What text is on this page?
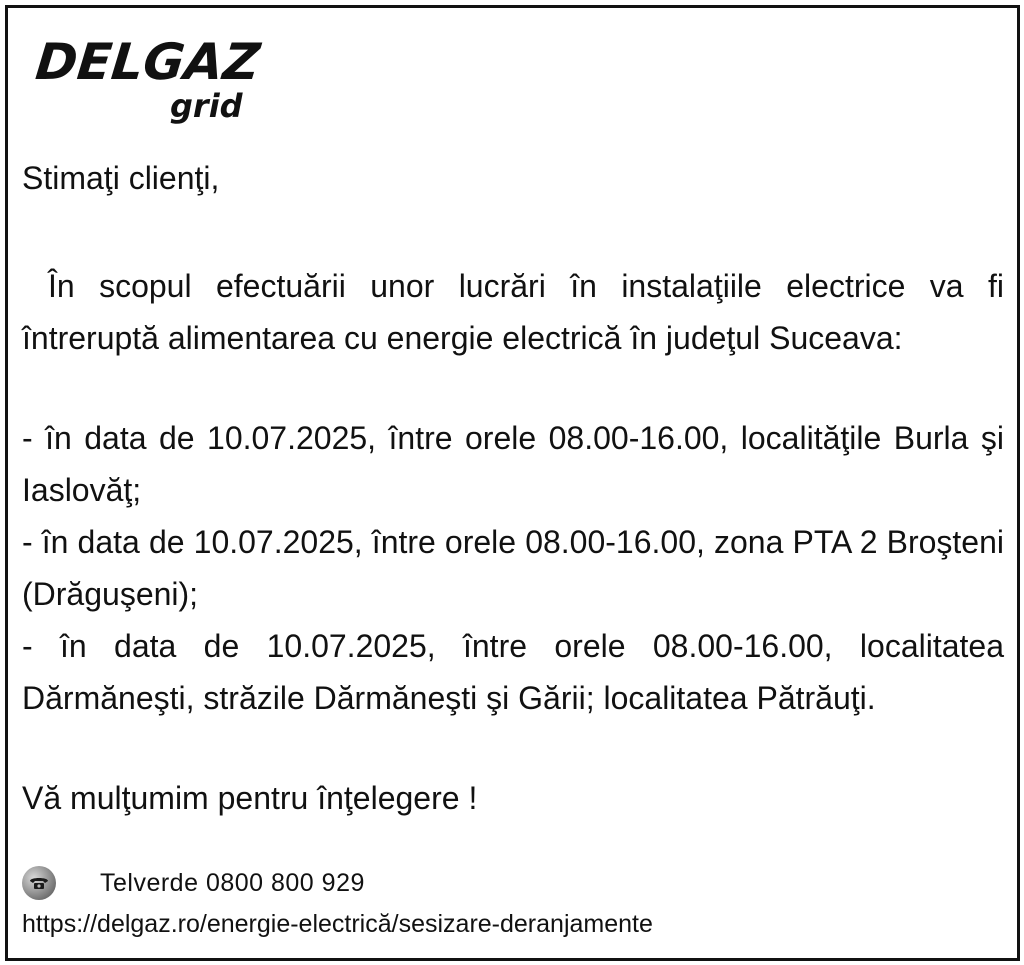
DELGAZ
grid

Stimaţi clienţi,

În scopul efectuării unor lucrări în instalaţiile electrice va fi întreruptă alimentarea cu energie electrică în judeţul Suceava:

- în data de 10.07.2025, între orele 08.00-16.00, localităţile Burla şi Iaslovăţ;
- în data de 10.07.2025, între orele 08.00-16.00, zona PTA 2 Broşteni (Drăguşeni);
- în data de 10.07.2025, între orele 08.00-16.00, localitatea Dărmăneşti, străzile Dărmăneşti şi Gării; localitatea Pătrăuţi.

Vă mulţumim pentru înţelegere !

Telverde 0800 800 929

https://delgaz.ro/energie-electrică/sesizare-deranjamente
